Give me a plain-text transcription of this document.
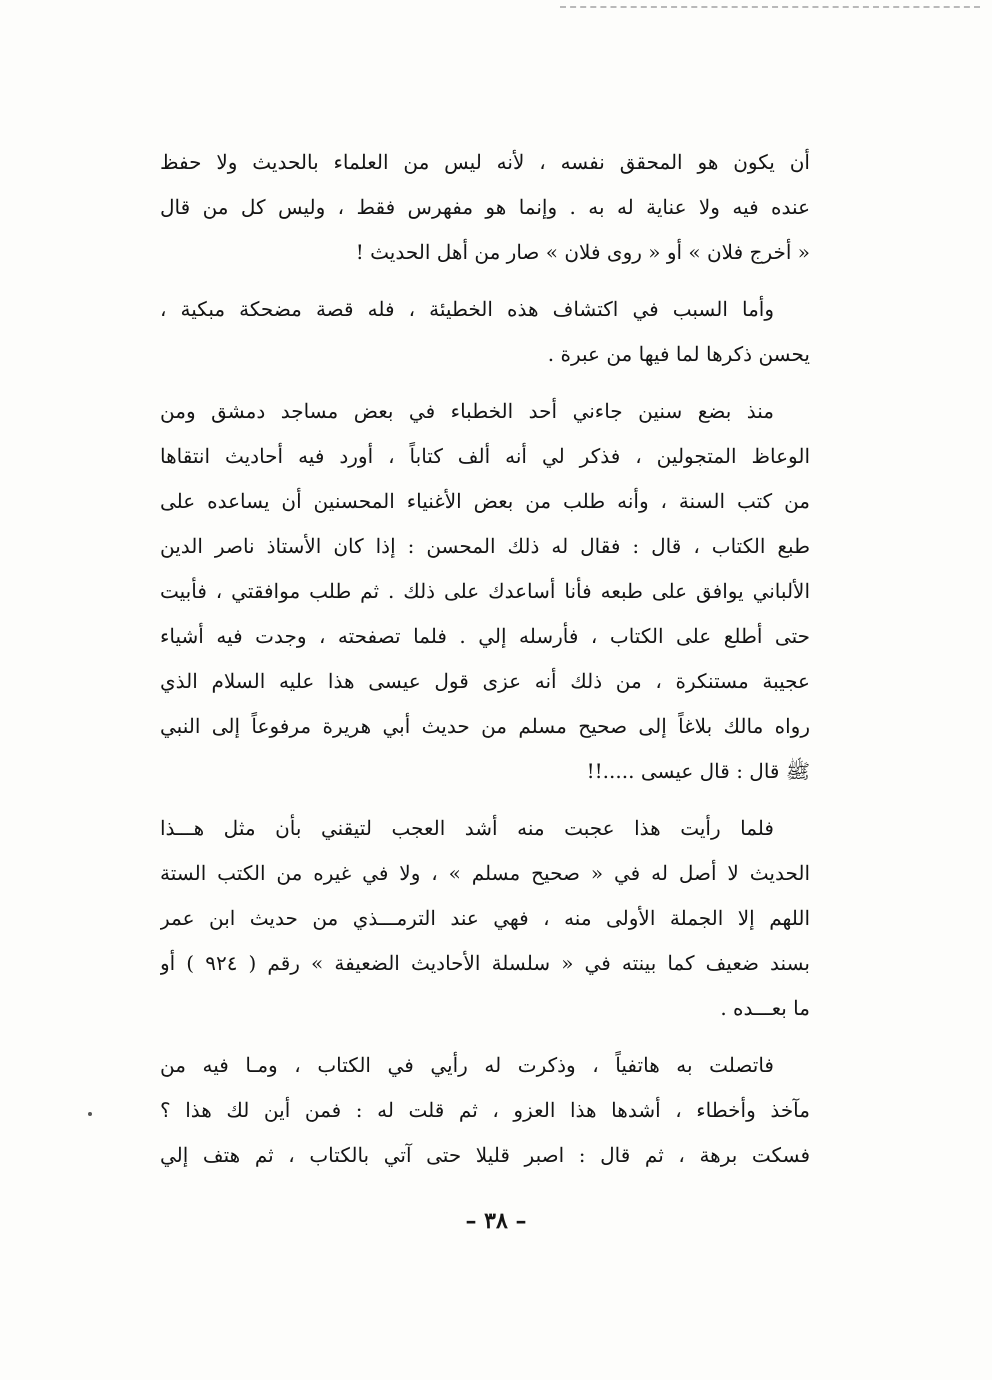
أن يكون هو المحقق نفسه ، لأنه ليس من العلماء بالحديث ولا حفظ
عنده فيه ولا عناية له به . وإنما هو مفهرس فقط ، وليس كل من قال
« أخرج فلان » أو « روى فلان » صار من أهل الحديث !
وأما السبب في اكتشاف هذه الخطيئة ، فله قصة مضحكة مبكية ،
يحسن ذكرها لما فيها من عبرة .
منذ بضع سنين جاءني أحد الخطباء في بعض مساجد دمشق ومن
الوعاظ المتجولين ، فذكر لي أنه ألف كتاباً ، أورد فيه أحاديث انتقاها
من كتب السنة ، وأنه طلب من بعض الأغنياء المحسنين أن يساعده على
طبع الكتاب ، قال : فقال له ذلك المحسن : إذا كان الأستاذ ناصر الدين
الألباني يوافق على طبعه فأنا أساعدك على ذلك . ثم طلب موافقتي ، فأبيت
حتى أطلع على الكتاب ، فأرسله إلي . فلما تصفحته ، وجدت فيه أشياء
عجيبة مستنكرة ، من ذلك أنه عزى قول عيسى هذا عليه السلام الذي
رواه مالك بلاغاً إلى صحيح مسلم من حديث أبي هريرة مرفوعاً إلى النبي
ﷺ قال : قال عيسى .....!!
فلما رأيت هذا عجبت منه أشد العجب لتيقني بأن مثل هـــذا
الحديث لا أصل له في « صحيح مسلم » ، ولا في غيره من الكتب الستة
اللهم إلا الجملة الأولى منه ، فهي عند الترمـــذي من حديث ابن عمر
بسند ضعيف كما بينته في « سلسلة الأحاديث الضعيفة » رقم ( ٩٢٤ ) أو
ما بعـــده .
فاتصلت به هاتفياً ، وذكرت له رأيي في الكتاب ، ومـا فيه من
مآخذ وأخطاء ، أشدها هذا العزو ، ثم قلت له : فمن أين لك هذا ؟
فسكت برهة ، ثم قال : اصبر قليلا حتى آتي بالكتاب ، ثم هتف إلي
– ٣٨ –
